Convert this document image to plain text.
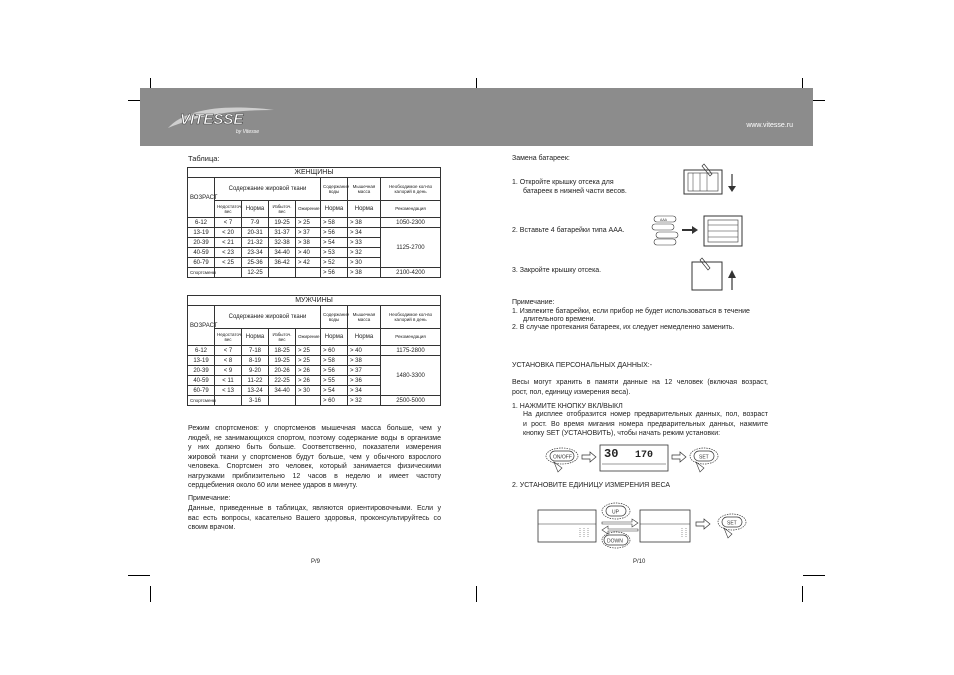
VITESSE
by Vitesse
www.vitesse.ru
Таблица:
ЖЕНЩИНЫ							
ВОЗРАСТ	Содержание жировой ткани				Содержание воды	Мышечная масса	Необходимое кол-во калорий в день
	Недостаточ. вес	Норма	Избыточ. вес	Ожирение	Норма	Норма	Рекомендация
6-12	< 7	7-9	19-25	> 25	> 58	> 38	1050-2300
13-19	< 20	20-31	31-37	> 37	> 56	> 34	1125-2700
20-39	< 21	21-32	32-38	> 38	> 54	> 33	
40-59	< 23	23-34	34-40	> 40	> 53	> 32	
60-79	< 25	25-36	36-42	> 42	> 52	> 30	
Спортсмены		12-25			> 56	> 38	2100-4200
МУЖЧИНЫ							
ВОЗРАСТ	Содержание жировой ткани				Содержание воды	Мышечная масса	Необходимое кол-во калорий в день
	Недостаточ. вес	Норма	Избыточ. вес	Ожирение	Норма	Норма	Рекомендация
6-12	< 7	7-18	18-25	> 25	> 60	> 40	1175-2800
13-19	< 8	8-19	19-25	> 25	> 58	> 38	1480-3300
20-39	< 9	9-20	20-26	> 26	> 56	> 37	
40-59	< 11	11-22	22-25	> 26	> 55	> 36	
60-79	< 13	13-24	34-40	> 30	> 54	> 34	
Спортсмены		3-16			> 60	> 32	2500-5000
Режим спортсменов: у спортсменов мышечная масса больше, чем у
людей, не занимающихся спортом, поэтому содержание воды в организме
у них должно быть больше. Соответственно, показатели измерения
жировой ткани у спортсменов будут больше, чем у обычного взрослого
человека. Спортсмен это человек, который занимается физическими
нагрузками приблизительно 12 часов в неделю и имеет частоту
сердцебиения около 60 или менее ударов в минуту.
Примечание:
Данные, приведенные в таблицах, являются ориентировочными. Если у
вас есть вопросы, касательно Вашего здоровья, проконсультируйтесь со
своим врачом.
P/9
Замена батареек:
1. Откройте крышку отсека для
батареек в нижней части весов.
2. Вставьте 4 батарейки типа ААА.
3. Закройте крышку отсека.
AAA
Примечание:
1. Извлеките батарейки, если прибор не будет использоваться в течение
длительного времени.
2. В случае протекания батареек, их следует немедленно заменить.
УСТАНОВКА ПЕРСОНАЛЬНЫХ ДАННЫХ:-
Весы могут хранить в памяти данные на 12 человек (включая возраст,
рост, пол, единицу измерения веса).
1. НАЖМИТЕ КНОПКУ ВКЛ/ВЫКЛ
На дисплее отобразится номер предварительных данных, пол, возраст
и рост. Во время мигания номера предварительных данных, нажмите
кнопку SET (УСТАНОВИТЬ), чтобы начать режим установки:
ON/OFF	30 170	SET
2. УСТАНОВИТЕ ЕДИНИЦУ ИЗМЕРЕНИЯ ВЕСА
UP
DOWN
SET
P/10
